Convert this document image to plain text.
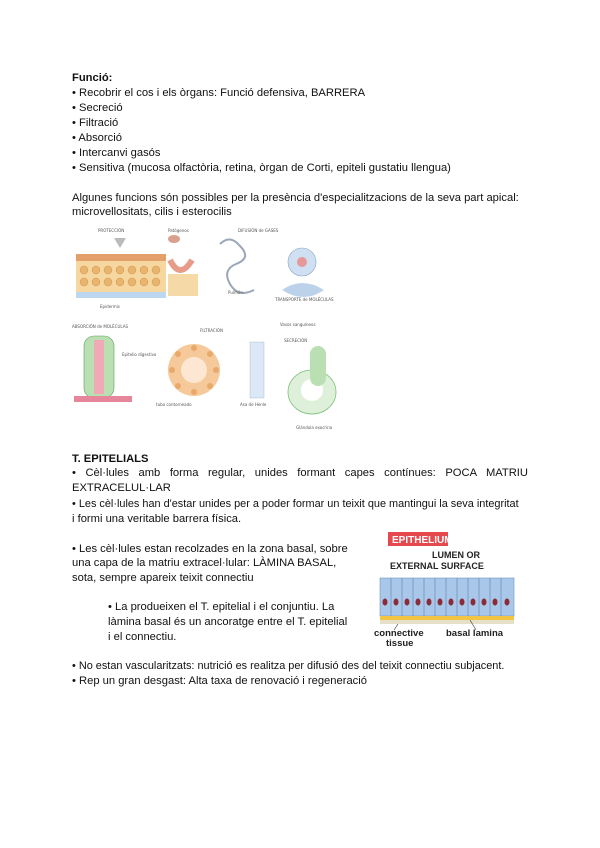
Funció:
• Recobrir el cos i els òrgans: Funció defensiva, BARRERA
• Secreció
• Filtració
• Absorció
• Intercanvi gasós
• Sensitiva (mucosa olfactòria, retina, òrgan de Corti, epiteli gustatiu llengua)
Algunes funcions són possibles per la presència d'especialitzacions de la seva part apical:
microvellositats, cilis i esterocilis
PROTECCIÓN	Patógenos	DIFUSIÓN de GASES
Epidermis
Pulmón
TRANSPORTE de MOLÉCULAS
Vasos sanguíneos
ABSORCIÓN de MOLÉCULAS
Epitelio digestivo
FILTRACIÓN
tubo contorneado	Asa de Henle
SECRECIÓN
Glándula exocrina
T. EPITELIALS
• Cèl·lules amb forma regular, unides formant capes contínues: POCA MATRIU
EXTRACELUL·LAR
• Les cèl·lules han d'estar unides per a poder formar un teixit que mantingui la seva integritat
i formi una veritable barrera física.
• Les cèl·lules estan recolzades en la zona basal, sobre
una capa de la matriu extracel·lular: LÀMINA BASAL,
sota, sempre apareix teixit connectiu
• La produeixen el T. epitelial i el conjuntiu. La
làmina basal és un ancoratge entre el T. epitelial
i el connectiu.
• No estan vascularitzats: nutrició es realitza per difusió des del teixit connectiu subjacent.
• Rep un gran desgast: Alta taxa de renovació i regeneració
EPITHELIUM
LUMEN OR
EXTERNAL SURFACE
connective basal lamina
tissue
